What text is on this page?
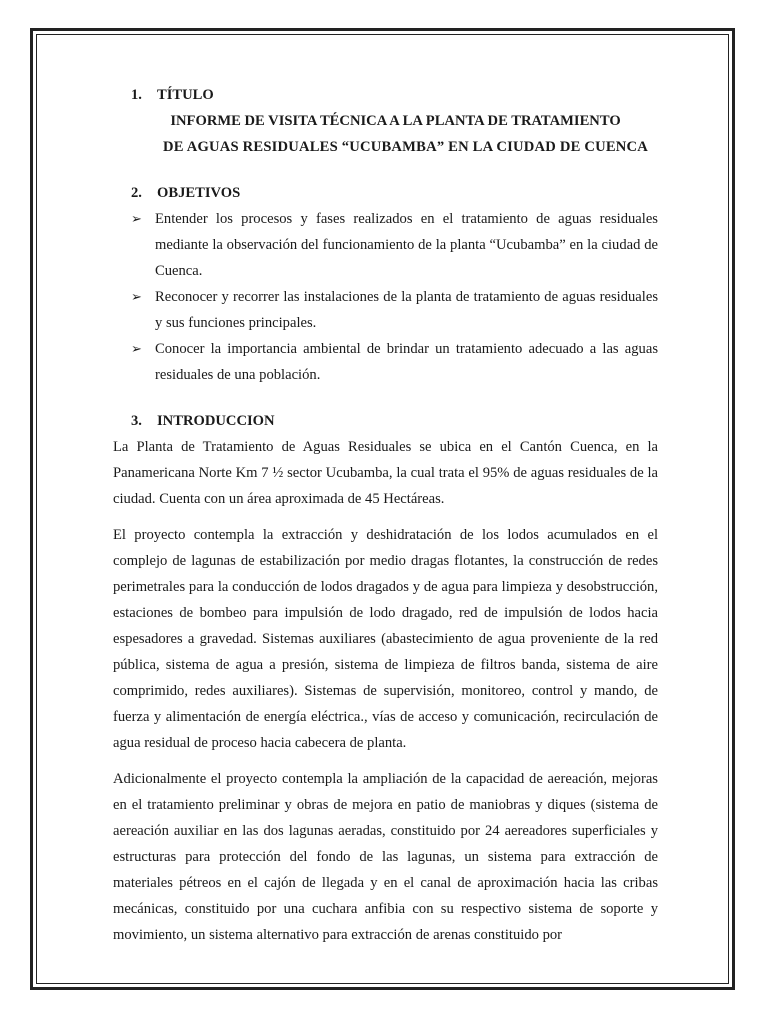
1.	TÍTULO
INFORME DE VISITA TÉCNICA A LA PLANTA DE TRATAMIENTO
DE AGUAS RESIDUALES “UCUBAMBA” EN LA CIUDAD DE CUENCA
2.	OBJETIVOS
➢ Entender los procesos y fases realizados en el tratamiento de aguas residuales mediante la observación del funcionamiento de la planta “Ucubamba” en la ciudad de Cuenca.
➢ Reconocer y recorrer las instalaciones de la planta de tratamiento de aguas residuales y sus funciones principales.
➢ Conocer la importancia ambiental de brindar un tratamiento adecuado a las aguas residuales de una población.
3.	INTRODUCCION

La Planta de Tratamiento de Aguas Residuales se ubica en el Cantón Cuenca, en la Panamericana Norte Km 7 ½ sector Ucubamba, la cual trata el 95% de aguas residuales de la ciudad. Cuenta con un área aproximada de 45 Hectáreas.

El proyecto contempla la extracción y deshidratación de los lodos acumulados en el complejo de lagunas de estabilización por medio dragas flotantes, la construcción de redes perimetrales para la conducción de lodos dragados y de agua para limpieza y desobstrucción, estaciones de bombeo para impulsión de lodo dragado, red de impulsión de lodos hacia espesadores a gravedad. Sistemas auxiliares (abastecimiento de agua proveniente de la red pública, sistema de agua a presión, sistema de limpieza de filtros banda, sistema de aire comprimido, redes auxiliares). Sistemas de supervisión, monitoreo, control y mando, de fuerza y alimentación de energía eléctrica., vías de acceso y comunicación, recirculación de agua residual de proceso hacia cabecera de planta.

Adicionalmente el proyecto contempla la ampliación de la capacidad de aereación, mejoras en el tratamiento preliminar y obras de mejora en patio de maniobras y diques (sistema de aereación auxiliar en las dos lagunas aeradas, constituido por 24 aereadores superficiales y estructuras para protección del fondo de las lagunas, un sistema para extracción de materiales pétreos en el cajón de llegada y en el canal de aproximación hacia las cribas mecánicas, constituido por una cuchara anfibia con su respectivo sistema de soporte y movimiento, un sistema alternativo para extracción de arenas constituido por
